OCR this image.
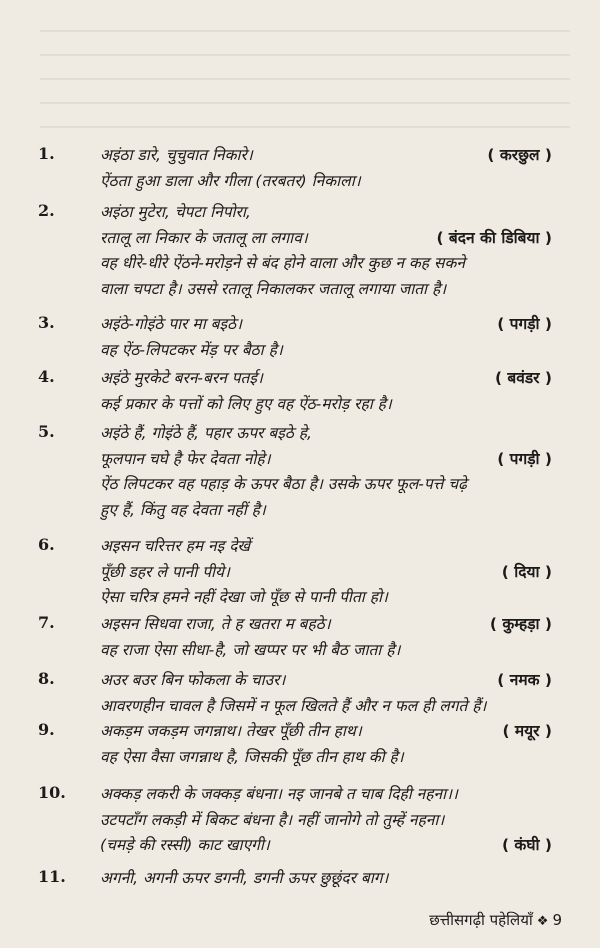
1.	अइंठा डारे, चुचुवात निकारे।
ऐंठता हुआ डाला और गीला (तरबतर) निकाला।
( करछुल )
2.	अइंठा मुटेरा, चेपटा निपोरा,
रतालू ला निकार के जतालू ला लगाव।
वह धीरे-धीरे ऐंठने-मरोड़ने से बंद होने वाला और कुछ न कह सकने
वाला चपटा है। उससे रतालू निकालकर जतालू लगाया जाता है।
( बंदन की डिबिया )
3.	अइंठे-गोइंठे पार मा बइठे।
वह ऐंठ-लिपटकर मेंड़ पर बैठा है।
( पगड़ी )
4.	अइंठे मुरकेटे बरन-बरन पतई।
कई प्रकार के पत्तों को लिए हुए वह ऐंठ-मरोड़ रहा है।
( बवंडर )
5.	अइंठे हैं, गोइंठे हैं, पहार ऊपर बइठे हे,
फूलपान चघे है फेर देवता नोहे।
ऐंठ लिपटकर वह पहाड़ के ऊपर बैठा है। उसके ऊपर फूल-पत्ते चढ़े
हुए हैं, किंतु वह देवता नहीं है।
( पगड़ी )
6.	अइसन चरित्तर हम नइ देखें
पूँछी डहर ले पानी पीये।
ऐसा चरित्र हमने नहीं देखा जो पूँछ से पानी पीता हो।
( दिया )
7.	अइसन सिधवा राजा, ते ह खतरा म बहठे।
वह राजा ऐसा सीधा-है, जो खप्पर पर भी बैठ जाता है।
( कुम्हड़ा )
8.	अउर बउर बिन फोकला के चाउर।
आवरणहीन चावल है जिसमें न फूल खिलते हैं और न फल ही लगते हैं।
( नमक )
9.	अकड़म जकड़म जगन्नाथ। तेखर पूँछी तीन हाथ।
वह ऐसा वैसा जगन्नाथ है, जिसकी पूँछ तीन हाथ की है।
( मयूर )
10. अक्कड़ लकरी के जक्कड़ बंधना। नइ जानबे त चाब दिही नहना।।
उटपटाँग लकड़ी में बिकट बंधना है। नहीं जानोगे तो तुम्हें नहना।
(चमड़े की रस्सी) काट खाएगी।	( कंघी )
11. अगनी, अगनी ऊपर डगनी, डगनी ऊपर छुछूंदर बाग।
छत्तीसगढ़ी पहेलियाँ ❖ 9
